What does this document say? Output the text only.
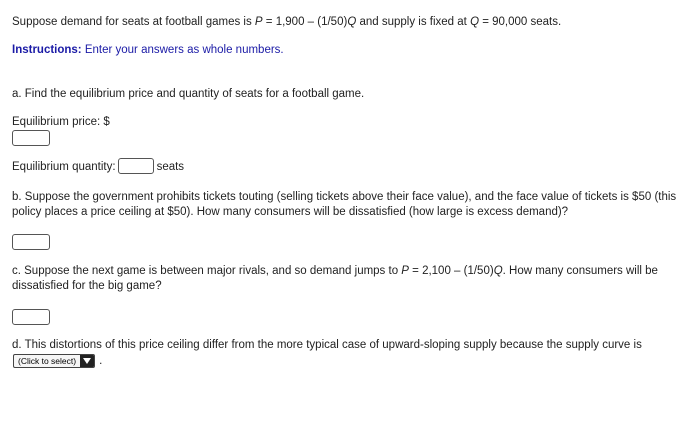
Suppose demand for seats at football games is P = 1,900 – (1/50)Q and supply is fixed at Q = 90,000 seats.
Instructions: Enter your answers as whole numbers.
a. Find the equilibrium price and quantity of seats for a football game.
Equilibrium price: $
Equilibrium quantity:	seats
b. Suppose the government prohibits tickets touting (selling tickets above their face value), and the face value of tickets is $50 (this policy places a price ceiling at $50). How many consumers will be dissatisfied (how large is excess demand)?
c. Suppose the next game is between major rivals, and so demand jumps to P = 2,100 – (1/50)Q. How many consumers will be dissatisfied for the big game?
d. This distortions of this price ceiling differ from the more typical case of upward-sloping supply because the supply curve is
(Click to select)	.
